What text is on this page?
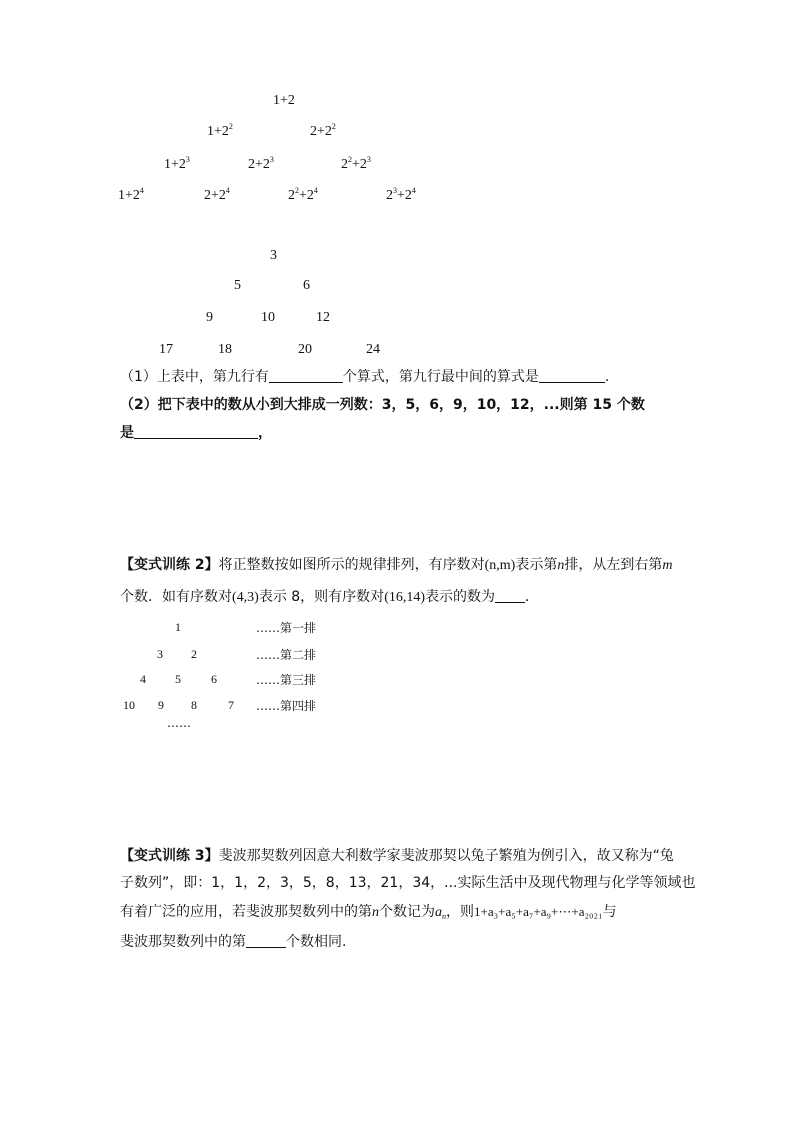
1+2
$1+2^2$	$2+2^2$
$1+2^3$	$2+2^3$	$2^2+2^3$
$1+2^4$	$2+2^4$	$2^2+2^4$	$2^3+2^4$
3
5	6
9	10	12
17	18	20	24
（1）上表中，第九行有	个算式，第九行最中间的算式是	.
（2）把下表中的数从小到大排成一列数：3，5，6，9，10，12，...则第 15 个数
是	，
【变式训练 2】将正整数按如图所示的规律排列，有序数对(n,m)表示第n排，从左到右第m
个数．如有序数对(4,3)表示 8，则有序数对(16,14)表示的数为 ．
1	……第一排
3 2	……第二排
4 5	6	……第三排
10 9 8	7 ……第四排
……
【变式训练 3】斐波那契数列因意大利数学家斐波那契以兔子繁殖为例引入，故又称为“兔
子数列”，即：1，1，2，3，5，8，13，21，34，...实际生活中及现代物理与化学等领域也
有着广泛的应用，若斐波那契数列中的第n个数记为$a_n$，则1+a₃+a₅+a₇+a₉+⋯+a₂₀₂₁与
斐波那契数列中的第	个数相同.
